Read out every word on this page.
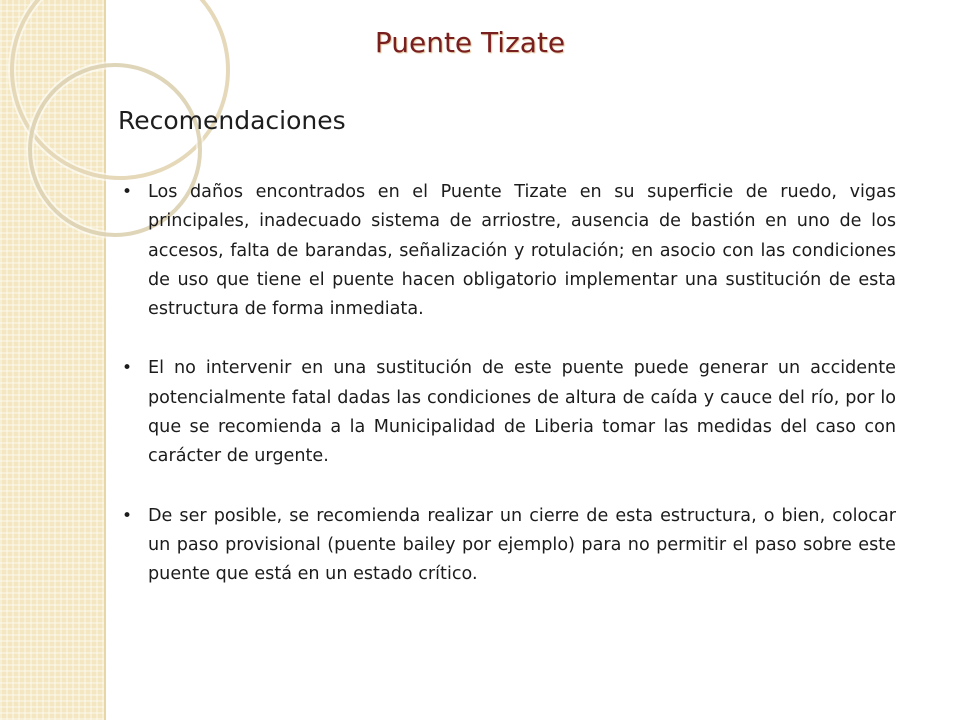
Puente Tizate
Recomendaciones
• Los daños encontrados en el Puente Tizate en su superficie de ruedo, vigas principales, inadecuado sistema de arriostre, ausencia de bastión en uno de los accesos, falta de barandas, señalización y rotulación; en asocio con las condiciones de uso que tiene el puente hacen obligatorio implementar una sustitución de esta estructura de forma inmediata.
• El no intervenir en una sustitución de este puente puede generar un accidente potencialmente fatal dadas las condiciones de altura de caída y cauce del río, por lo que se recomienda a la Municipalidad de Liberia tomar las medidas del caso con carácter de urgente.
• De ser posible, se recomienda realizar un cierre de esta estructura, o bien, colocar un paso provisional (puente bailey por ejemplo) para no permitir el paso sobre este puente que está en un estado crítico.
